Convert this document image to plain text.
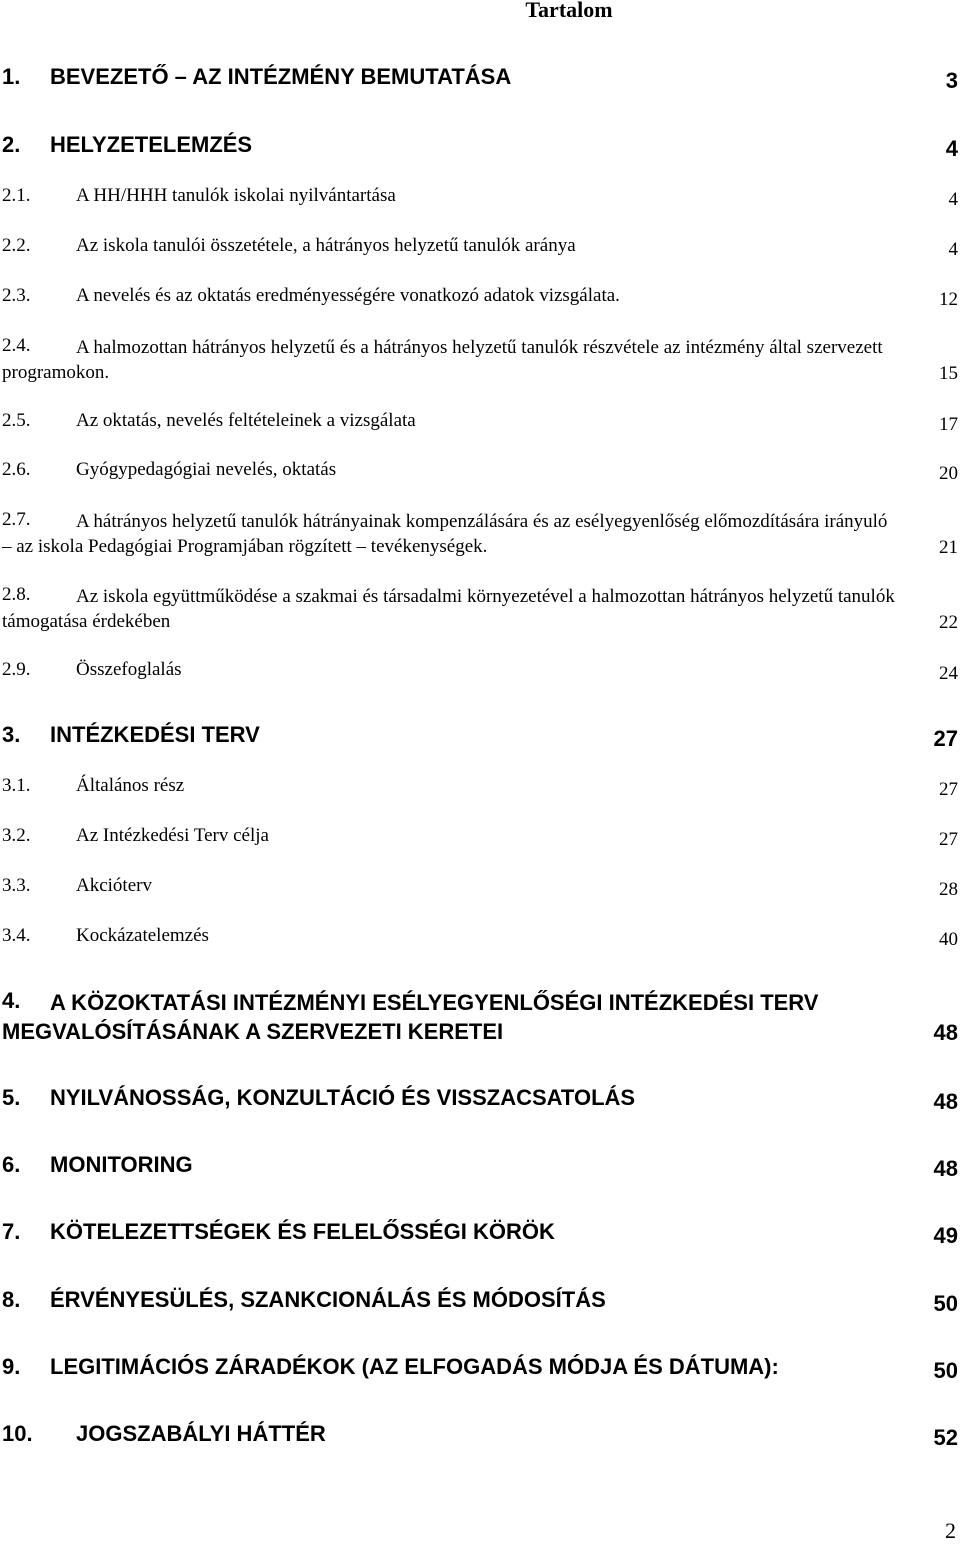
Tartalom
1.	BEVEZETŐ – AZ INTÉZMÉNY BEMUTATÁSA	3
2.	HELYZETELEMZÉS	4
2.1.	A HH/HHH tanulók iskolai nyilvántartása	4
2.2.	Az iskola tanulói összetétele, a hátrányos helyzetű tanulók aránya	4
2.3.	A nevelés és az oktatás eredményességére vonatkozó adatok vizsgálata.	12
2.4.	A halmozottan hátrányos helyzetű és a hátrányos helyzetű tanulók részvétele az intézmény által szervezett programokon.	15
2.5.	Az oktatás, nevelés feltételeinek a vizsgálata	17
2.6.	Gyógypedagógiai nevelés, oktatás	20
2.7.	A hátrányos helyzetű tanulók hátrányainak kompenzálására és az esélyegyenlőség előmozdítására irányuló – az iskola Pedagógiai Programjában rögzített – tevékenységek.	21
2.8.	Az iskola együttműködése a szakmai és társadalmi környezetével a halmozottan hátrányos helyzetű tanulók támogatása érdekében	22
2.9.	Összefoglalás	24
3.	INTÉZKEDÉSI TERV	27
3.1.	Általános rész	27
3.2.	Az Intézkedési Terv célja	27
3.3.	Akcióterv	28
3.4.	Kockázatelemzés	40
4.	A KÖZOKTATÁSI INTÉZMÉNYI ESÉLYEGYENLŐSÉGI INTÉZKEDÉSI TERV MEGVALÓSÍTÁSÁNAK A SZERVEZETI KERETEI	48
5.	NYILVÁNOSSÁG, KONZULTÁCIÓ ÉS VISSZACSATOLÁS	48
6.	MONITORING	48
7.	KÖTELEZETTSÉGEK ÉS FELELŐSSÉGI KÖRÖK	49
8.	ÉRVÉNYESÜLÉS, SZANKCIONÁLÁS ÉS MÓDOSÍTÁS	50
9.	LEGITIMÁCIÓS ZÁRADÉKOK (AZ ELFOGADÁS MÓDJA ÉS DÁTUMA):	50
10.	JOGSZABÁLYI HÁTTÉR	52
2
